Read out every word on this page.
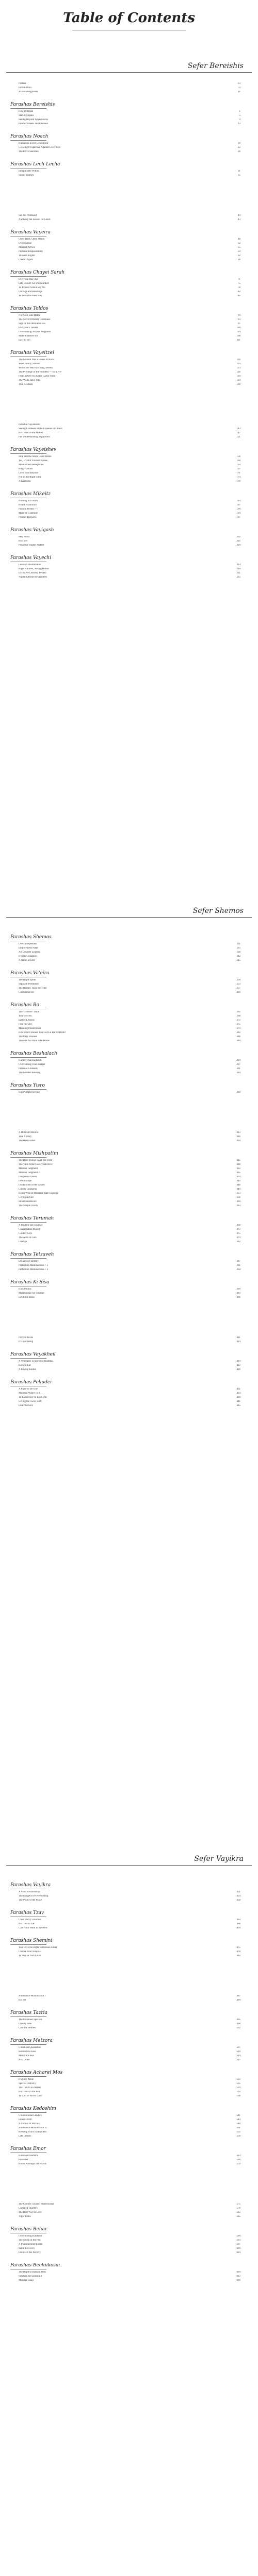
Table of Contents
Sefer Bereishis
Preface	vii
Introduction	xi
Acknowledgments	xv
Parashas Bereishis
How It Began	1
Starting Again	5
Seeing Beyond Appearances	9
Productiveness and Oneness	13
Parashas Noach
Righteous in His Generation	18
Growing Perspective Against Every Evil	22
The Dove Searches	26
Parashas Lech Lecha
Inexplicable Within	31
Sound Journey	35
See the Promised	40
Applying the Lesson for Learn	43
Parashas Vayeira
Open Tents, Open Hearts	48
Overhearing	52
Medical Advice	55
Personal Responsibility	59
Towards Rights	62
Chesed Again	66
Parashas Chayei Sarah
Everyone Has One	71
Life Doesn't Go Unrewarded	75
To Upheld Versus Say No	78
Old Age and Blessings	82
To Serve the Best Way	85
Parashas Toldos
No Place Like Home	90
The Secret Offering Continues	93
Sign of the Dedicated Jew	97
Everyone's Talents	100
Overlooking but Not Forgotten	104
Make It Before Us	108
Easy to Sin	111
Parashas Vayeitzei
The Ground Was a House of Rock	116
Wise Family Shalom	119
Would the Shul Morning, Money	123
The Privilege of the Problem — for Live!	126
From Where Do Grace Come From?	130
The Walls Have Jobs	134
True Acumen	138
Parashas Vayishlach
Seeing Clotheses at the Expense of Others	143
He Thanks Fine Mulled	147
For Understanding Supporters	151
Parashas Vayeishev
Stop Tell the Steps Grant Home	156
Yes, It's Not Yourself Speak	160
Misdirected Perceptions	163
Bing = Shush	167
Love from Beyond	171
Not in the Right Time	174
Advertising	178
Parashas Mikeitz
Nothing to Unlock	183
Health Assurance	187
Passion Perfect + 1	190
Made of Gratitude	194
Product Respects	197
Parashas Vayigash
Step Forth	202
Best Bet	205
Proactive Higher Perfect	209
Parashas Vayechi
Lesson Consideration	214
Right Address, Wrong House	218
Exclusive Lessons, Perfect	221
Vigilant About the Abilities	225
Sefer Shemos
Parashas Shemos
Over Independent	231
Employment Pride	235
All Discrete Leaders	238
It's His Guidances	242
A Name in Edit	245
Parashas Va'eira
The Right Speak	250
Separate Problems?	253
The Hidden Tools for Trust	257
Confidence for	260
Parashas Bo
The 'Geneive' Trade	265
Your Secrets	268
Earlier Lessons	272
Free the Out	275
Meaning Passed on It	279
How Much Should You Go to a Bar Mitzvah?	282
The Only Disease	286
There Is No Place Like Home	289
Parashas Beshalach
Harder Than Kadshim	294
Overcoming Your Budget	297
Personal Counsels	301
The Greater Blessing	304
Parashas Yisro
High Output Service	309
A Difficult Miracle	313
True Victory	316
The Best Folder	320
Parashas Mishpatim
The Root Things in All the Time	325
The Vain Noise Goes Vindictive?	328
Medical Judgment	332
Medical Judgment 2	335
Dangerous Deeds	339
Debt Escape	342
On the Side of the Takeer	346
Clearly Changing	349
Being Wise at Mundane Rate Expense	353
Giving Advice	356
Smart Healthcare	360
The Simple Touch	363
Parashas Terumah
A Modern-day Holiday	368
Conversation Money	372
Golden Keys	375
The Aron in Care	379
Lineage	382
Parashas Tetzaveh
Dollarwise Identity	387
Perfection Mamleachbas + 1	391
Perfection Mamleachbas + 2	394
Parashas Ki Sisa
Hass Photos	399
Murmurings Set Strategy	403
In On the Book	406
Proven Boxes	411
It's Journaling	414
Parashas Vayakheil
A Vegetable in Stores of Buddhas	419
Back to Ear	422
A Loving Kindle	426
Parashas Pekudei
A Place to Be One	431
Mishkan Wasn't in It	434
To Experience to Look Out	438
Giving the Swiss Cliff	441
Dear Workers	445
Sefer Vayikra
Parashas Vayikra
A Valid Relationship	451
The Dangers of Overreading	454
The Point of the Peace	458
Parashas Tzav
Clear Decry Clearless	463
No Time to Eat	466
Care Your Work in the Now	470
Parashas Shemini
You Have the Right to Remain Silent	475
Choose Your Hospital	478
To Stay or Not to Get	482
Attendance Mamleakhut I	487
Bar Tri	490
Parashas Tazria
The Ordained Specials	495
Openly Free	498
Care for Hebrew	502
Parashas Metzora
Unnatural Quarantine	507
Restoration Fees	510
Merciful Laws	514
Ask Twice	517
Parashas Acharei Mos
It's Only Mine	522
Special Delivery	525
The Talk to an Intrest	529
Bury Pets in the Past	532
To Call or Not to Call?	536
Parashas Kedoshim
Unintentional Lenders	541
Elders's Mitt	544
A Choice of Mirrors	548
Attendance Mamleakhut II	551
Keeping Yours in Accident	555
Life Lesson	558
Parashas Emor
Hallowed Shabbos	563
Priorities	566
Honor Amongst the Priests	570
The Clothes Cleaned Professional	575
Cramped Quarters	578
The Best Way to Love	582
Vigor Items	585
Parashas Behar
Overflowing Kindness	590
The Sheep in the Pen	593
A Manufactured Fallen	597
Sable Recovery	600
Dont Lift the Poverty	604
Parashas Bechukosai
The Right to Remain Holy	609
Solution for Solution 1	612
Monster Clues	616
